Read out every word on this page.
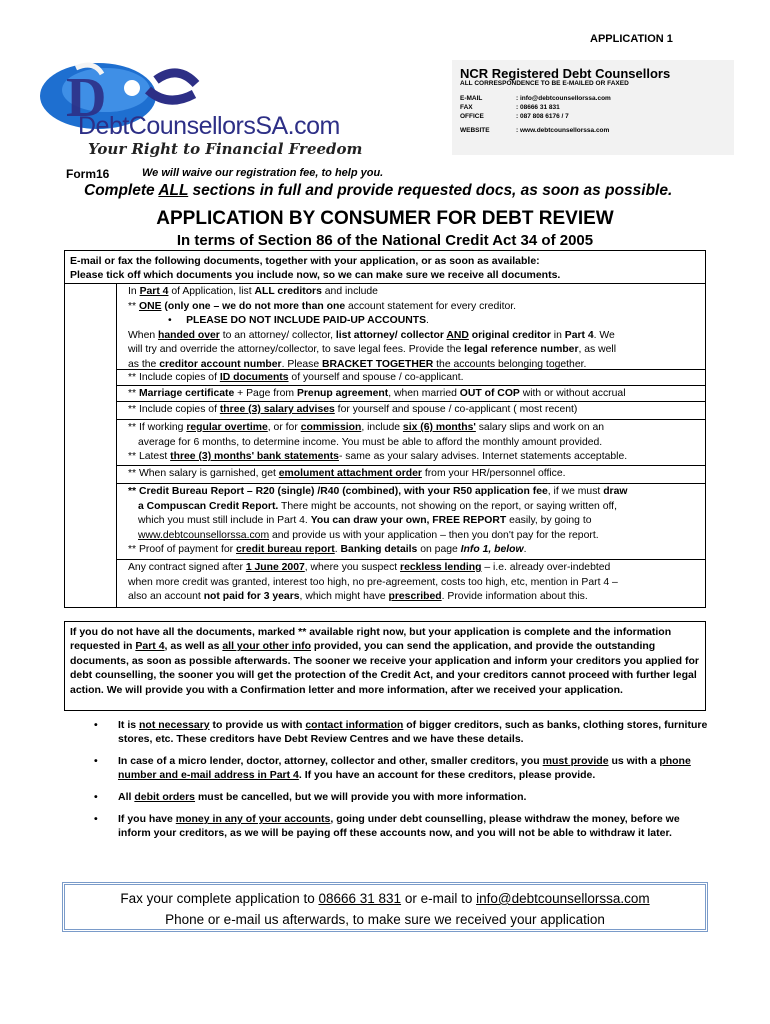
APPLICATION 1
D
DebtCounsellorsSA.com
Your Right to Financial Freedom
NCR Registered Debt Counsellors
ALL CORRESPONDENCE TO BE E-MAILED OR FAXED
E-MAIL	: info@debtcounsellorssa.com
FAX	: 08666 31 831
OFFICE	: 087 808 6176 / 7
WEBSITE	: www.debtcounsellorssa.com
Form16	We will waive our registration fee, to help you.
Complete ALL sections in full and provide requested docs, as soon as possible.
APPLICATION BY CONSUMER FOR DEBT REVIEW
In terms of Section 86 of the National Credit Act 34 of 2005
E-mail or fax the following documents, together with your application, or as soon as available:
Please tick off which documents you include now, so we can make sure we receive all documents.
In Part 4 of Application, list ALL creditors and include
** ONE (only one – we do not more than one account statement for every creditor.
• PLEASE DO NOT INCLUDE PAID-UP ACCOUNTS.
When handed over to an attorney/ collector, list attorney/ collector AND original creditor in Part 4. We
will try and override the attorney/collector, to save legal fees. Provide the legal reference number, as well
as the creditor account number. Please BRACKET TOGETHER the accounts belonging together.
** Include copies of ID documents of yourself and spouse / co-applicant.
** Marriage certificate + Page from Prenup agreement, when married OUT of COP with or without accrual
** Include copies of three (3) salary advises for yourself and spouse / co-applicant ( most recent)
** If working regular overtime, or for commission, include six (6) months' salary slips and work on an
average for 6 months, to determine income. You must be able to afford the monthly amount provided.
** Latest three (3) months' bank statements- same as your salary advises. Internet statements acceptable.
** When salary is garnished, get emolument attachment order from your HR/personnel office.
** Credit Bureau Report – R20 (single) /R40 (combined), with your R50 application fee, if we must draw
a Compuscan Credit Report. There might be accounts, not showing on the report, or saying written off,
which you must still include in Part 4. You can draw your own, FREE REPORT easily, by going to
www.debtcounsellorssa.com and provide us with your application – then you don't pay for the report.
** Proof of payment for credit bureau report. Banking details on page Info 1, below.
Any contract signed after 1 June 2007, where you suspect reckless lending – i.e. already over-indebted
when more credit was granted, interest too high, no pre-agreement, costs too high, etc, mention in Part 4 –
also an account not paid for 3 years, which might have prescribed. Provide information about this.
If you do not have all the documents, marked ** available right now, but your application is complete and the information requested in Part 4, as well as all your other info provided, you can send the application, and provide the outstanding documents, as soon as possible afterwards. The sooner we receive your application and inform your creditors you applied for debt counselling, the sooner you will get the protection of the Credit Act, and your creditors cannot proceed with further legal action. We will provide you with a Confirmation letter and more information, after we received your application.
• It is not necessary to provide us with contact information of bigger creditors, such as banks, clothing stores, furniture stores, etc. These creditors have Debt Review Centres and we have these details.
• In case of a micro lender, doctor, attorney, collector and other, smaller creditors, you must provide us with a phone number and e-mail address in Part 4. If you have an account for these creditors, please provide.
• All debit orders must be cancelled, but we will provide you with more information.
• If you have money in any of your accounts, going under debt counselling, please withdraw the money, before we inform your creditors, as we will be paying off these accounts now, and you will not be able to withdraw it later.
Fax your complete application to 08666 31 831 or e-mail to info@debtcounsellorssa.com
Phone or e-mail us afterwards, to make sure we received your application
